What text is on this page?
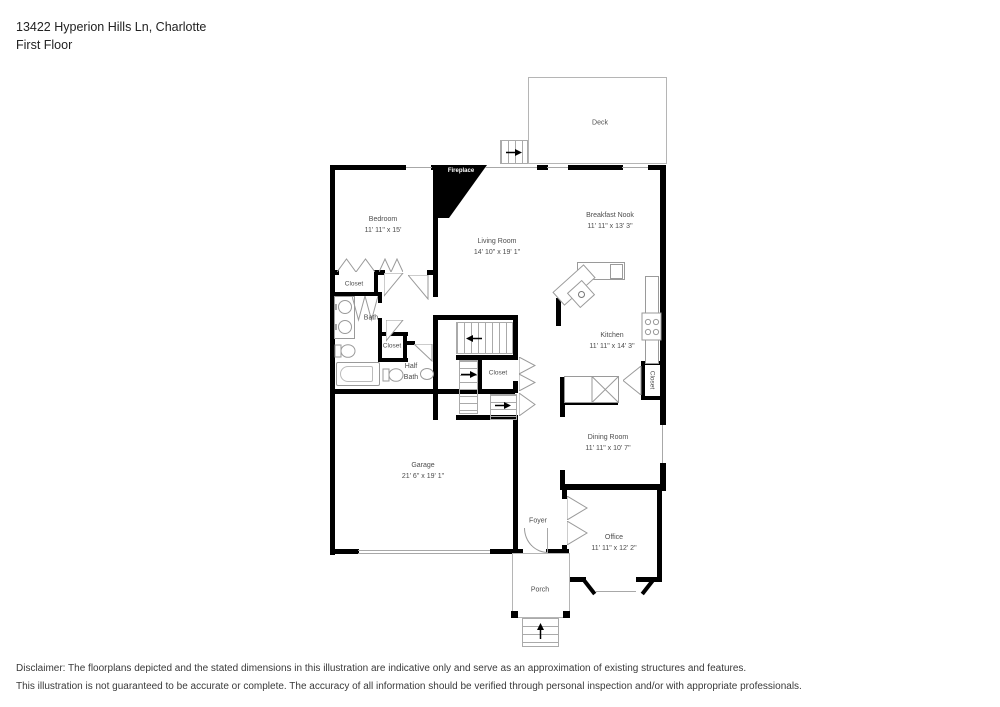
13422 Hyperion Hills Ln, Charlotte
First Floor
Fireplace
Deck
Bedroom
11' 11" x 15'
Living Room
14' 10" x 19' 1"
Breakfast Nook
11' 11" x 13' 3"
Kitchen
11' 11" x 14' 3"
Bath
Half Bath
Garage
21' 6" x 19' 1"
Dining Room
11' 11" x 10' 7"
Foyer
Office
11' 11" x 12' 2"
Porch
Closet
Closet
Closet	Closet
Disclaimer: The floorplans depicted and the stated dimensions in this illustration are indicative only and serve as an approximation of existing structures and features.
This illustration is not guaranteed to be accurate or complete. The accuracy of all information should be verified through personal inspection and/or with appropriate professionals.
